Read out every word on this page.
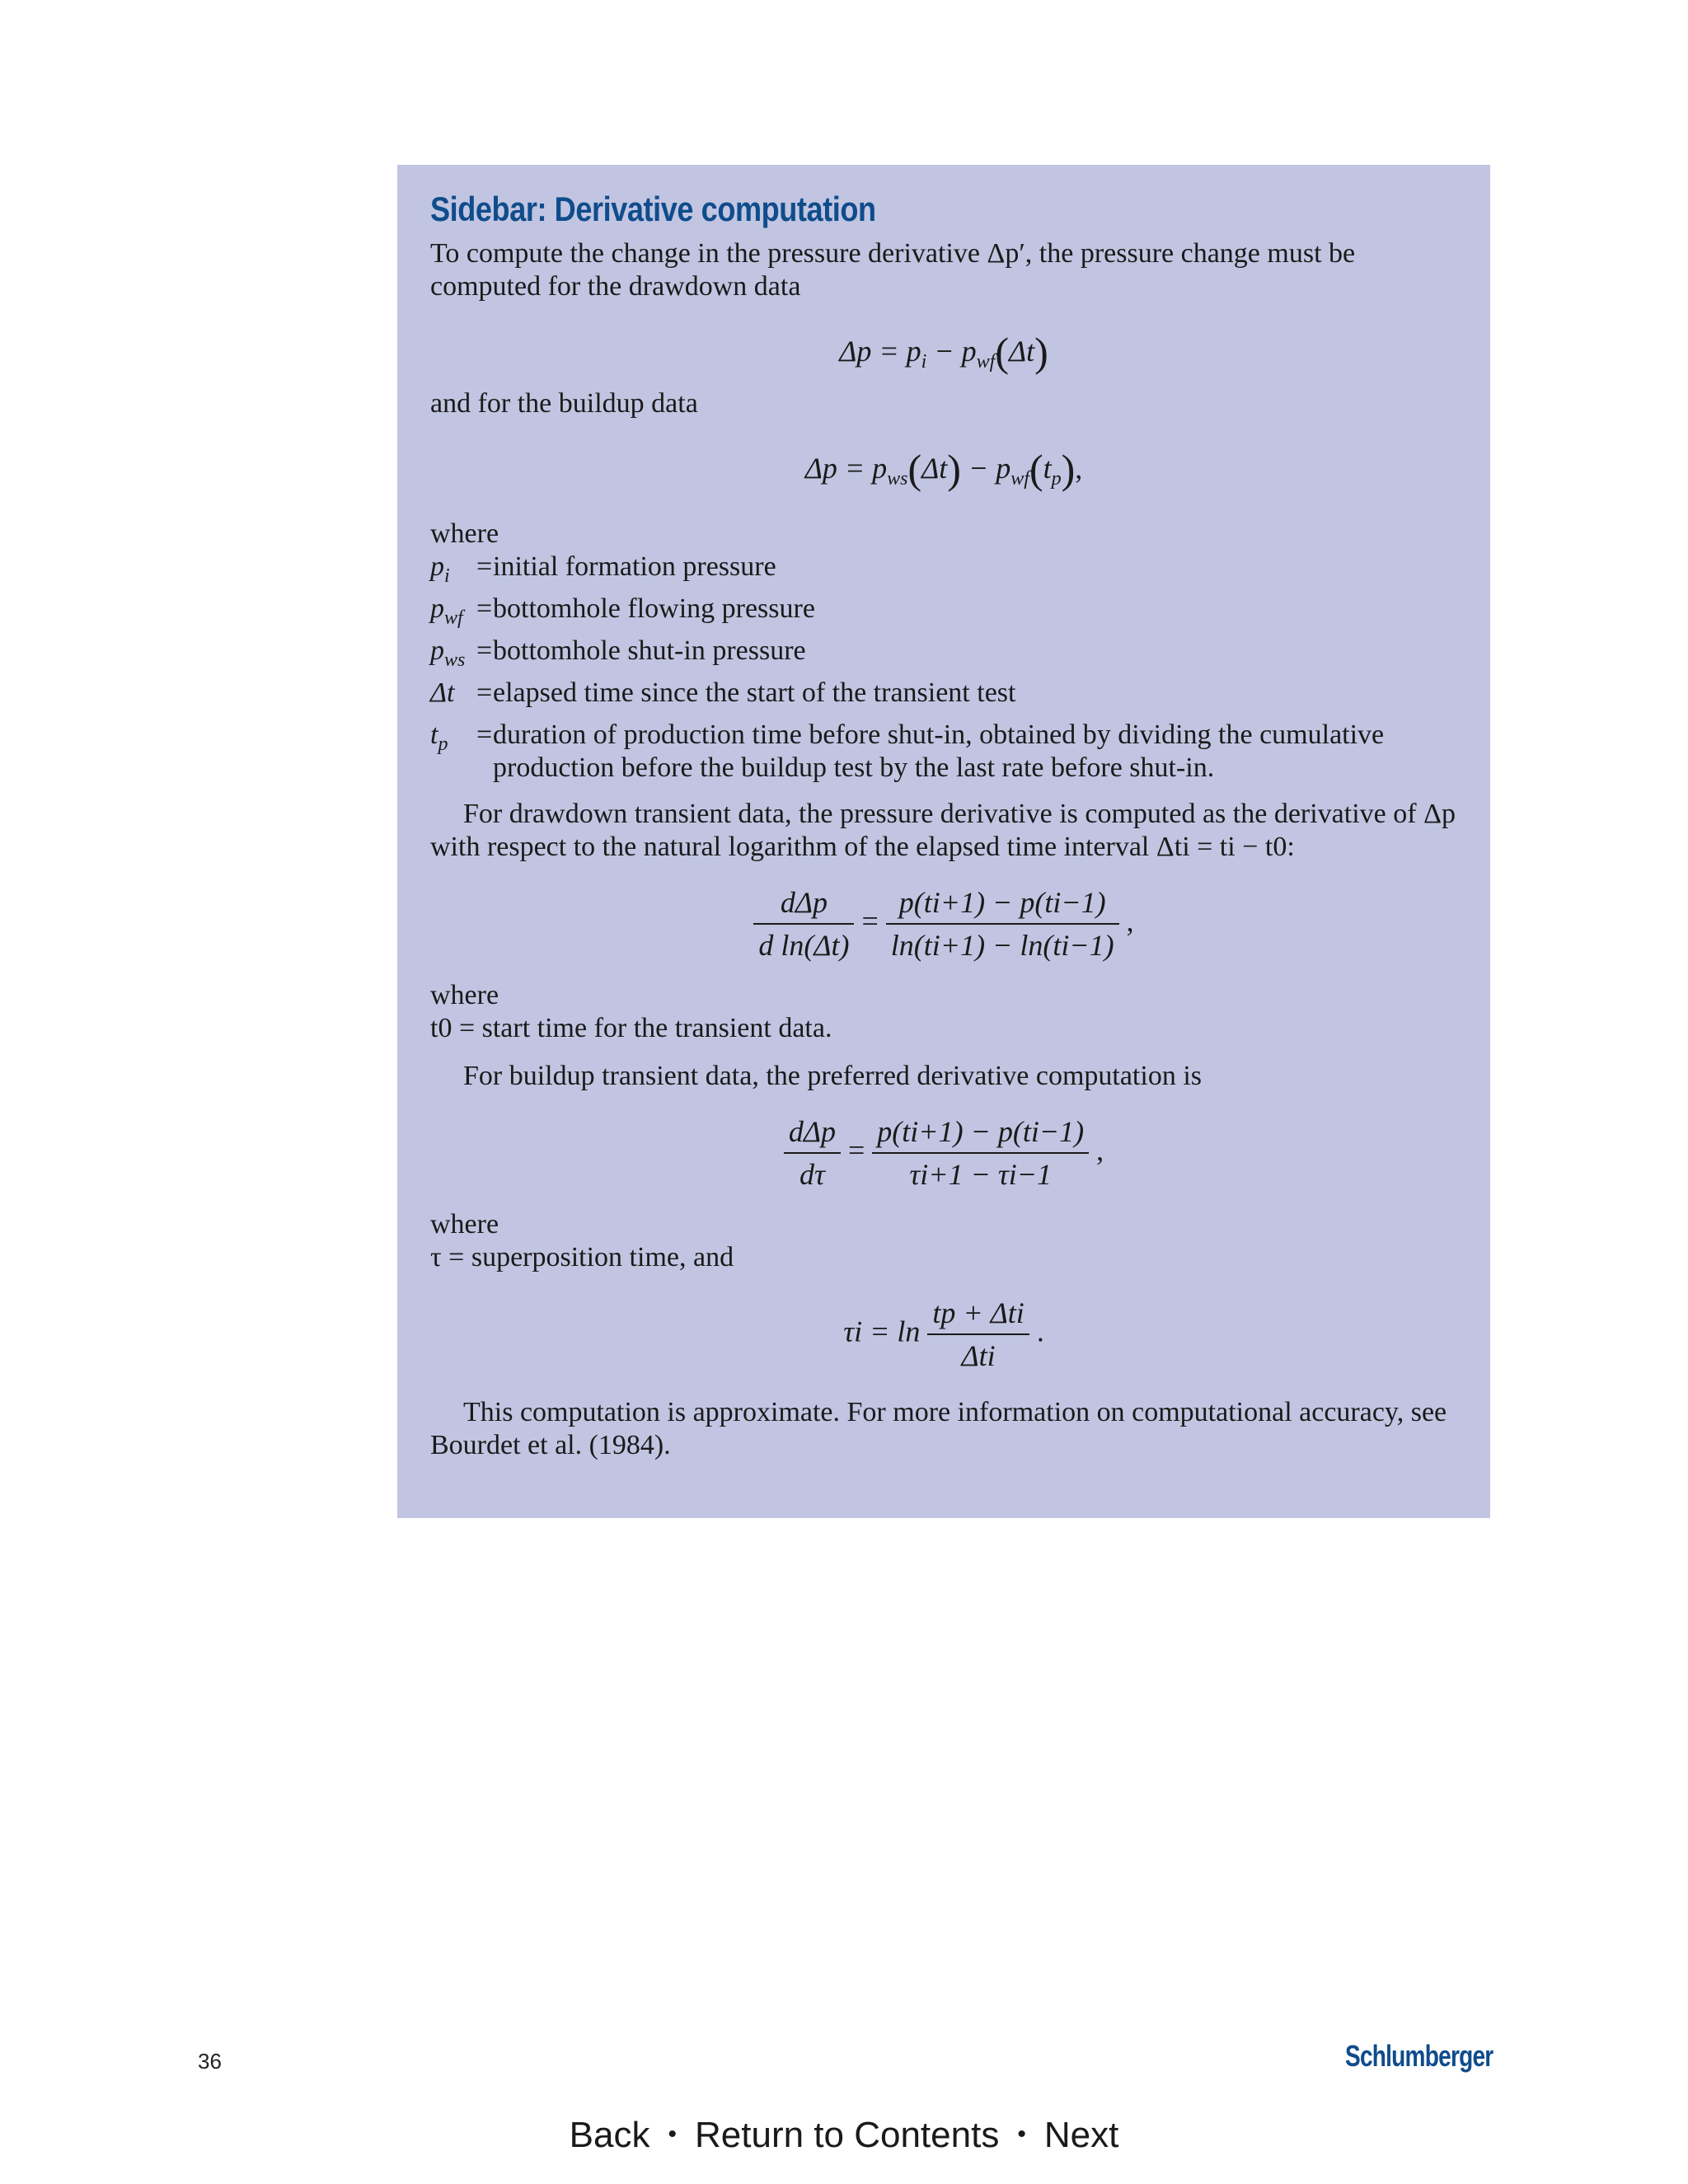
Sidebar: Derivative computation

To compute the change in the pressure derivative Δp′, the pressure change must be computed for the drawdown data

$\Delta p = p_i - p_{wf}(\Delta t)$

and for the buildup data

$\Delta p = p_{ws}(\Delta t) - p_{wf}(t_p)$,

where

$p_i$ = initial formation pressure
$p_{wf}$ = bottomhole flowing pressure
$p_{ws}$ = bottomhole shut-in pressure
Δt = elapsed time since the start of the transient test
$t_p$	= duration of production time before shut-in, obtained by dividing the cumulative production before the buildup test by the last rate before shut-in.

For drawdown transient data, the pressure derivative is computed as the derivative of Δp with respect to the natural logarithm of the elapsed time interval Δti = ti − t0:

$\frac{\text{dΔp}}{\text{d ln(Δt)}} = \frac{p(ti+1) - p(ti-1)}{\ln(ti+1) - \ln(ti-1)}$ ,

where

t0 = start time for the transient data.

For buildup transient data, the preferred derivative computation is

$\frac{\text{dΔp}}{d\tau} = \frac{p(ti+1) - p(ti-1)}{\tau i+1 - \tau i-1}$ ,

where

τ = superposition time, and

$\tau i = \ln \frac{\text{tp + Δti}}{\text{Δti}}$ .

This computation is approximate. For more information on computational accuracy, see Bourdet et al. (1984).

36	Schlumberger
Back • Return to Contents • Next
